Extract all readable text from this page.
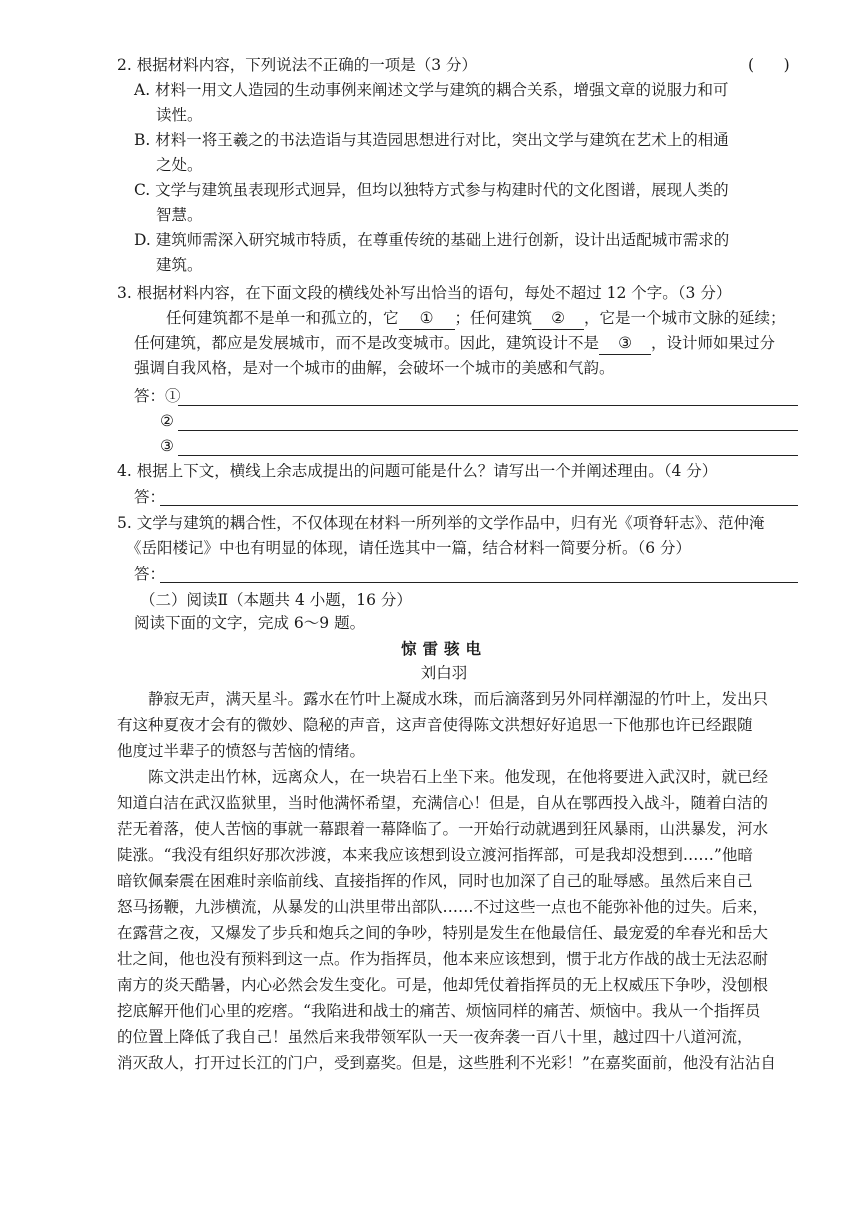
2. 根据材料内容，下列说法不正确的一项是（3 分）	(      )
A. 材料一用文人造园的生动事例来阐述文学与建筑的耦合关系，增强文章的说服力和可
读性。
B. 材料一将王羲之的书法造诣与其造园思想进行对比，突出文学与建筑在艺术上的相通
之处。
C. 文学与建筑虽表现形式迥异，但均以独特方式参与构建时代的文化图谱，展现人类的
智慧。
D. 建筑师需深入研究城市特质，在尊重传统的基础上进行创新，设计出适配城市需求的
建筑。
3. 根据材料内容，在下面文段的横线处补写出恰当的语句，每处不超过 12 个字。（3 分）
任何建筑都不是单一和孤立的，它 ① ；任何建筑 ② ，它是一个城市文脉的延续；
任何建筑，都应是发展城市，而不是改变城市。因此，建筑设计不是 ③ ，设计师如果过分
强调自我风格，是对一个城市的曲解，会破坏一个城市的美感和气韵。
答：①
②
③
4. 根据上下文，横线上余志成提出的问题可能是什么？请写出一个并阐述理由。（4 分）
答：
5. 文学与建筑的耦合性，不仅体现在材料一所列举的文学作品中，归有光《项脊轩志》、范仲淹
《岳阳楼记》中也有明显的体现，请任选其中一篇，结合材料一简要分析。（6 分）
答：
（二）阅读Ⅱ（本题共 4 小题，16 分）
阅读下面的文字，完成 6～9 题。
惊雷骇电
刘白羽
　　静寂无声，满天星斗。露水在竹叶上凝成水珠，而后滴落到另外同样潮湿的竹叶上，发出只
有这种夏夜才会有的微妙、隐秘的声音，这声音使得陈文洪想好好追思一下他那也许已经跟随
他度过半辈子的愤怒与苦恼的情绪。
　　陈文洪走出竹林，远离众人，在一块岩石上坐下来。他发现，在他将要进入武汉时，就已经
知道白洁在武汉监狱里，当时他满怀希望，充满信心！但是，自从在鄂西投入战斗，随着白洁的
茫无着落，使人苦恼的事就一幕跟着一幕降临了。一开始行动就遇到狂风暴雨，山洪暴发，河水
陡涨。“我没有组织好那次涉渡，本来我应该想到设立渡河指挥部，可是我却没想到……”他暗
暗钦佩秦震在困难时亲临前线、直接指挥的作风，同时也加深了自己的耻辱感。虽然后来自己
怒马扬鞭，九涉横流，从暴发的山洪里带出部队……不过这些一点也不能弥补他的过失。后来，
在露营之夜，又爆发了步兵和炮兵之间的争吵，特别是发生在他最信任、最宠爱的牟春光和岳大
壮之间，他也没有预料到这一点。作为指挥员，他本来应该想到，惯于北方作战的战士无法忍耐
南方的炎天酷暑，内心必然会发生变化。可是，他却凭仗着指挥员的无上权威压下争吵，没刨根
挖底解开他们心里的疙瘩。“我陷进和战士的痛苦、烦恼同样的痛苦、烦恼中。我从一个指挥员
的位置上降低了我自己！虽然后来我带领军队一天一夜奔袭一百八十里，越过四十八道河流，
消灭敌人，打开过长江的门户，受到嘉奖。但是，这些胜利不光彩！”在嘉奖面前，他没有沾沾自
